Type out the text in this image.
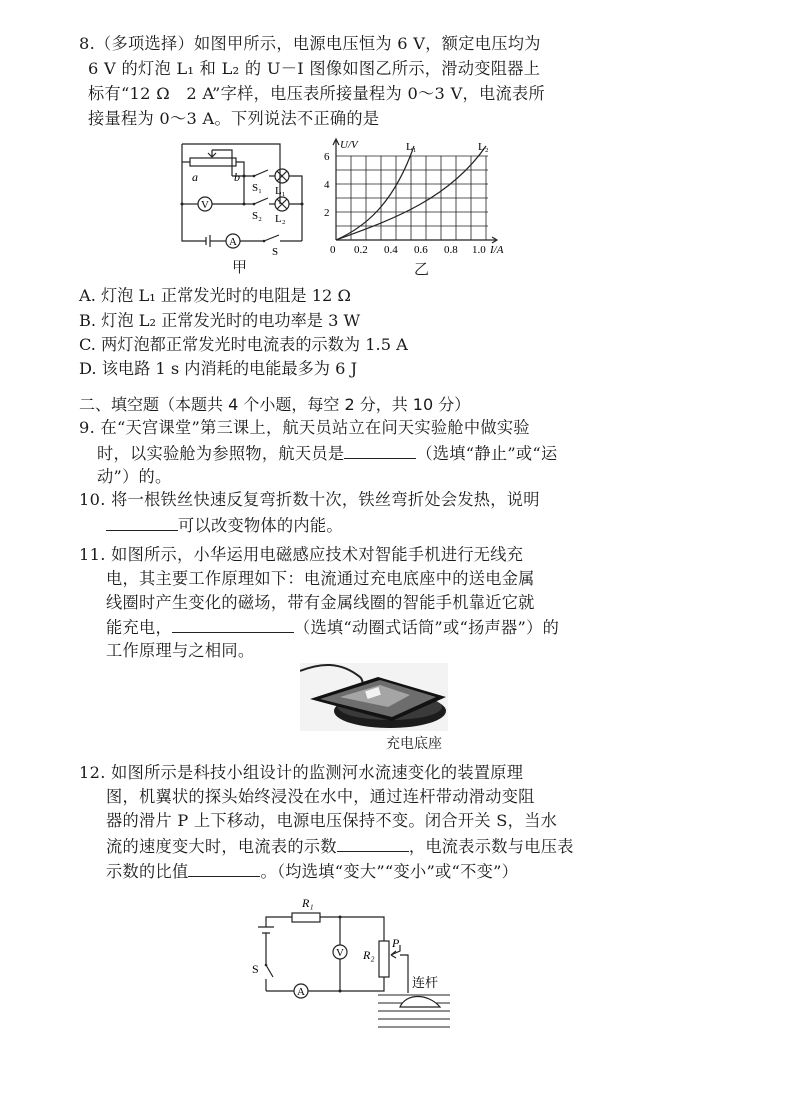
8.（多项选择）如图甲所示，电源电压恒为 6 V，额定电压均为
6 V 的灯泡 L₁ 和 L₂ 的 U－I 图像如图乙所示，滑动变阻器上
标有“12 Ω　2 A”字样，电压表所接量程为 0～3 V，电流表所
接量程为 0～3 A。下列说法不正确的是
a	b
S₁ L₁
S₂ L₂
V
A
S
甲
U/V
2
4
6
0 0.2 0.4 0.6 0.8 1.0 I/A
L₁	L₂
乙
A. 灯泡 L₁ 正常发光时的电阻是 12 Ω
B. 灯泡 L₂ 正常发光时的电功率是 3 W
C. 两灯泡都正常发光时电流表的示数为 1.5 A
D. 该电路 1 s 内消耗的电能最多为 6 J
二、填空题（本题共 4 个小题，每空 2 分，共 10 分）
9. 在“天宫课堂”第三课上，航天员站立在问天实验舱中做实验
时，以实验舱为参照物，航天员是	（选填“静止”或“运
动”）的。
10. 将一根铁丝快速反复弯折数十次，铁丝弯折处会发热，说明
可以改变物体的内能。
11. 如图所示，小华运用电磁感应技术对智能手机进行无线充
电，其主要工作原理如下：电流通过充电底座中的送电金属
线圈时产生变化的磁场，带有金属线圈的智能手机靠近它就
能充电，	（选填“动圈式话筒”或“扬声器”）的
工作原理与之相同。
充电底座
12. 如图所示是科技小组设计的监测河水流速变化的装置原理
图，机翼状的探头始终浸没在水中，通过连杆带动滑动变阻
器的滑片 P 上下移动，电源电压保持不变。闭合开关 S，当水
流的速度变大时，电流表的示数	，电流表示数与电压表
示数的比值	。（均选填“变大”“变小”或“不变”）
R₁
R₂
P
S
V
A
连杆
